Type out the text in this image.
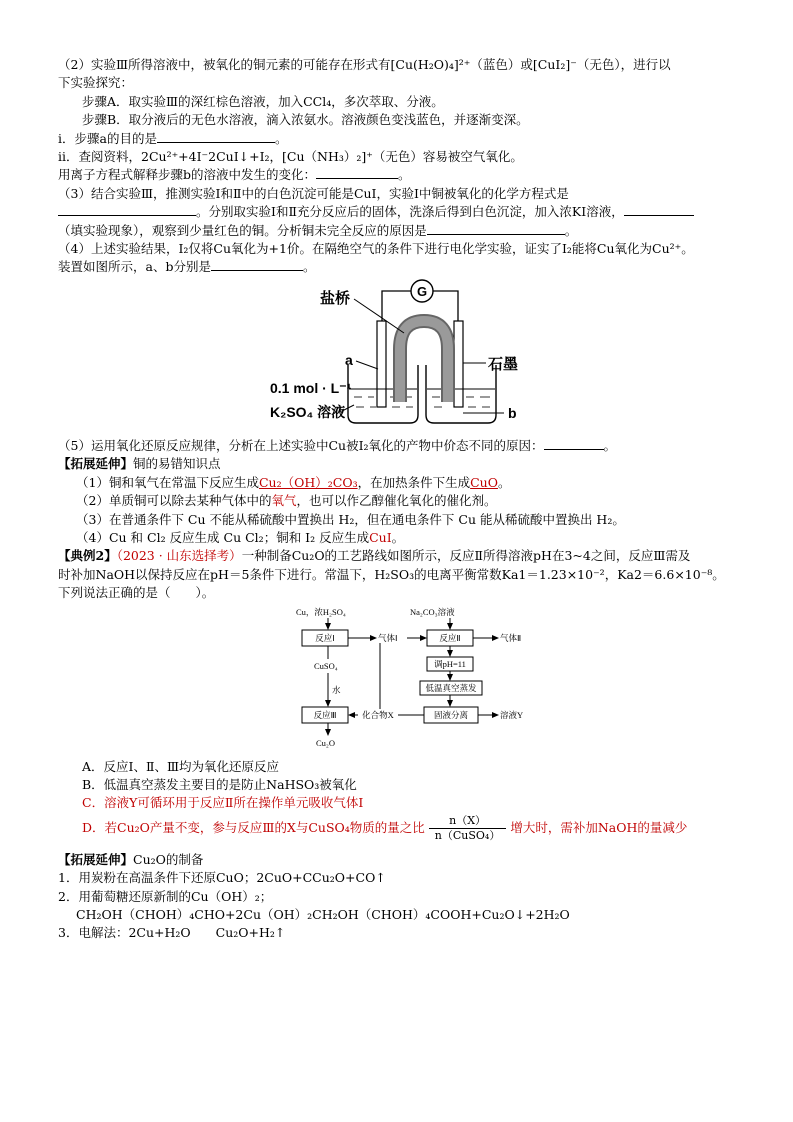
（2）实验Ⅲ所得溶液中，被氧化的铜元素的可能存在形式有[Cu(H₂O)₄]²⁺（蓝色）或[CuI₂]⁻（无色），进行以
下实验探究：
步骤A．取实验Ⅲ的深红棕色溶液，加入CCl₄，多次萃取、分液。
步骤B．取分液后的无色水溶液，滴入浓氨水。溶液颜色变浅蓝色，并逐渐变深。
ⅰ．步骤a的目的是	。
ⅱ．查阅资料，2Cu²⁺+4I⁻2CuI↓+I₂，[Cu（NH₃）₂]⁺（无色）容易被空气氧化。
用离子方程式解释步骤b的溶液中发生的变化：	。
（3）结合实验Ⅲ，推测实验Ⅰ和Ⅱ中的白色沉淀可能是CuI，实验Ⅰ中铜被氧化的化学方程式是
。分别取实验Ⅰ和Ⅱ充分反应后的固体，洗涤后得到白色沉淀，加入浓KI溶液，
（填实验现象），观察到少量红色的铜。分析铜未完全反应的原因是	。
（4）上述实验结果，I₂仅将Cu氧化为+1价。在隔绝空气的条件下进行电化学实验，证实了I₂能将Cu氧化为Cu²⁺。
装置如图所示，a、b分别是	。
G
盐桥
a	石墨
0.1 mol · L⁻¹
K₂SO₄ 溶液	b
（5）运用氧化还原反应规律，分析在上述实验中Cu被I₂氧化的产物中价态不同的原因：	。
【拓展延伸】铜的易错知识点
（1）铜和氧气在常温下反应生成Cu₂（OH）₂CO₃，在加热条件下生成CuO。
（2）单质铜可以除去某种气体中的氧气，也可以作乙醇催化氧化的催化剂。
（3）在普通条件下 Cu 不能从稀硫酸中置换出 H₂，但在通电条件下 Cu 能从稀硫酸中置换出 H₂。
（4）Cu 和 Cl₂ 反应生成 Cu Cl₂；铜和 I₂ 反应生成CuI。
【典例2】（2023 · 山东选择考）一种制备Cu₂O的工艺路线如图所示，反应Ⅱ所得溶液pH在3~4之间，反应Ⅲ需及
时补加NaOH以保持反应在pH＝5条件下进行。常温下，H₂SO₃的电离平衡常数Ka1＝1.23×10⁻²，Ka2＝6.6×10⁻⁸。
下列说法正确的是（　　）。
Cu，浓H₂SO₄
反应Ⅰ	气体Ⅰ
CuSO₄
水
反应Ⅲ
Cu₂O
Na₂CO₃溶液
反应Ⅱ	气体Ⅱ
调pH=11
低温真空蒸发
固液分离
化合物X	溶液Y
A．反应Ⅰ、Ⅱ、Ⅲ均为氧化还原反应
B．低温真空蒸发主要目的是防止NaHSO₃被氧化
C．溶液Y可循环用于反应Ⅱ所在操作单元吸收气体Ⅰ
D．若Cu₂O产量不变，参与反应Ⅲ的X与CuSO₄物质的量之比 $\frac{n(X)}{\text{n（CuSO₄）}}$ 增大时，需补加NaOH的量减少
【拓展延伸】Cu₂O的制备
1．用炭粉在高温条件下还原CuO；2CuO+CCu₂O+CO↑
2．用葡萄糖还原新制的Cu（OH）₂；
CH₂OH（CHOH）₄CHO+2Cu（OH）₂CH₂OH（CHOH）₄COOH+Cu₂O↓+2H₂O
3．电解法：2Cu+H₂O　　Cu₂O+H₂↑
